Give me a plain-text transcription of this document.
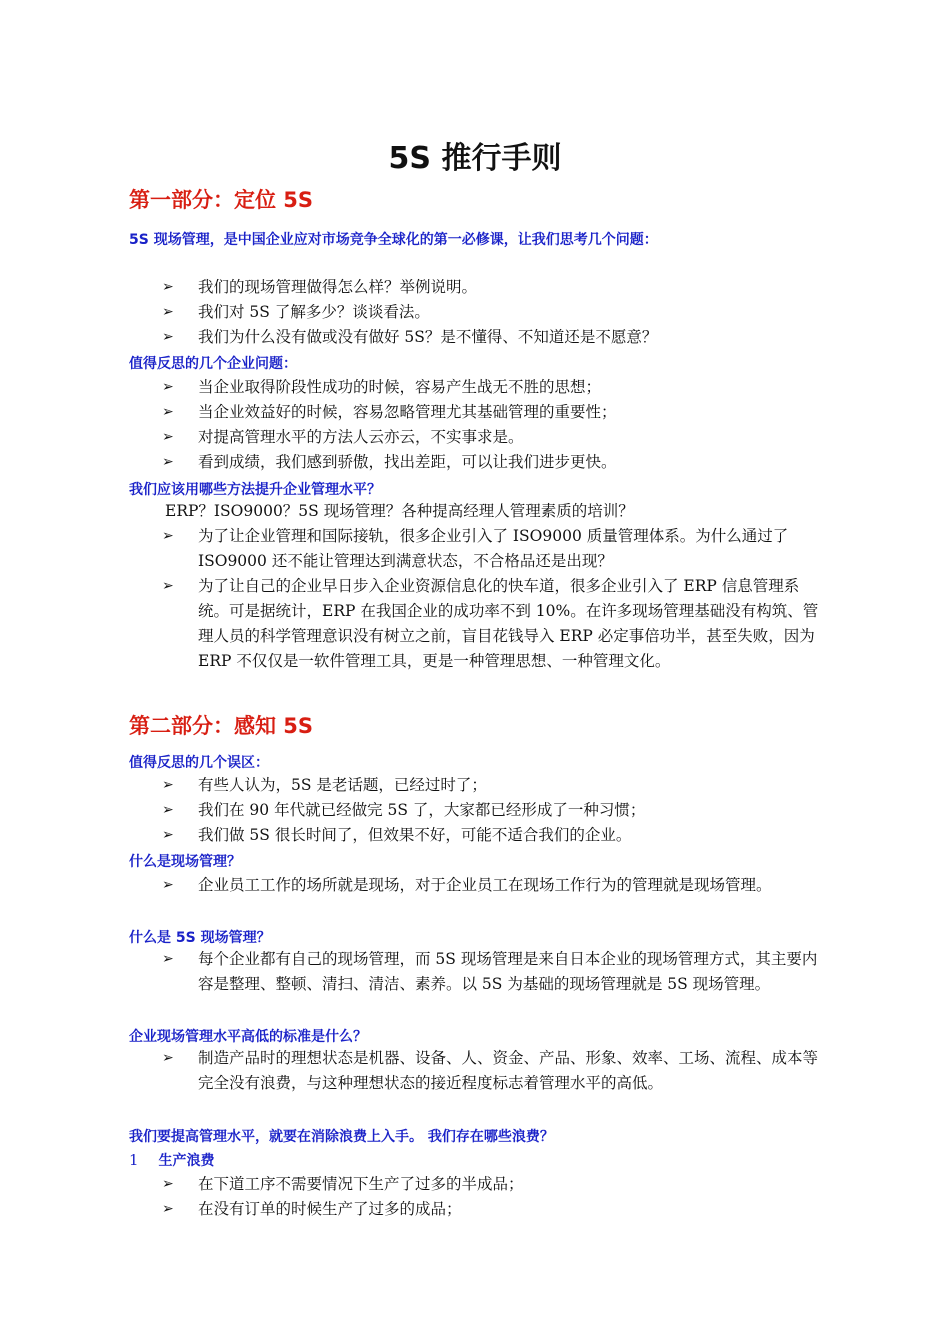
5S 推行手则
第一部分：定位 5S
5S 现场管理，是中国企业应对市场竞争全球化的第一必修课，让我们思考几个问题：
➢	我们的现场管理做得怎么样？举例说明。
➢	我们对 5S 了解多少？谈谈看法。
➢	我们为什么没有做或没有做好 5S？是不懂得、不知道还是不愿意？
值得反思的几个企业问题：
➢	当企业取得阶段性成功的时候，容易产生战无不胜的思想；
➢	当企业效益好的时候，容易忽略管理尤其基础管理的重要性；
➢	对提高管理水平的方法人云亦云，不实事求是。
➢	看到成绩，我们感到骄傲，找出差距，可以让我们进步更快。
我们应该用哪些方法提升企业管理水平？
ERP？ISO9000？5S 现场管理？各种提高经理人管理素质的培训？
➢	为了让企业管理和国际接轨，很多企业引入了 ISO9000 质量管理体系。为什么通过了 ISO9000 还不能让管理达到满意状态，不合格品还是出现？
➢	为了让自己的企业早日步入企业资源信息化的快车道，很多企业引入了 ERP 信息管理系统。可是据统计，ERP 在我国企业的成功率不到 10%。在许多现场管理基础没有构筑、管理人员的科学管理意识没有树立之前，盲目花钱导入 ERP 必定事倍功半，甚至失败，因为 ERP 不仅仅是一软件管理工具，更是一种管理思想、一种管理文化。
第二部分：感知 5S
值得反思的几个误区：
➢	有些人认为，5S 是老话题，已经过时了；
➢	我们在 90 年代就已经做完 5S 了，大家都已经形成了一种习惯；
➢	我们做 5S 很长时间了，但效果不好，可能不适合我们的企业。
什么是现场管理？
➢	企业员工工作的场所就是现场，对于企业员工在现场工作行为的管理就是现场管理。
什么是 5S 现场管理？
➢	每个企业都有自己的现场管理，而 5S 现场管理是来自日本企业的现场管理方式，其主要内容是整理、整顿、清扫、清洁、素养。以 5S 为基础的现场管理就是 5S 现场管理。
企业现场管理水平高低的标准是什么？
➢	制造产品时的理想状态是机器、设备、人、资金、产品、形象、效率、工场、流程、成本等完全没有浪费，与这种理想状态的接近程度标志着管理水平的高低。
我们要提高管理水平，就要在消除浪费上入手。 我们存在哪些浪费？
1 生产浪费
➢	在下道工序不需要情况下生产了过多的半成品；
➢	在没有订单的时候生产了过多的成品；
